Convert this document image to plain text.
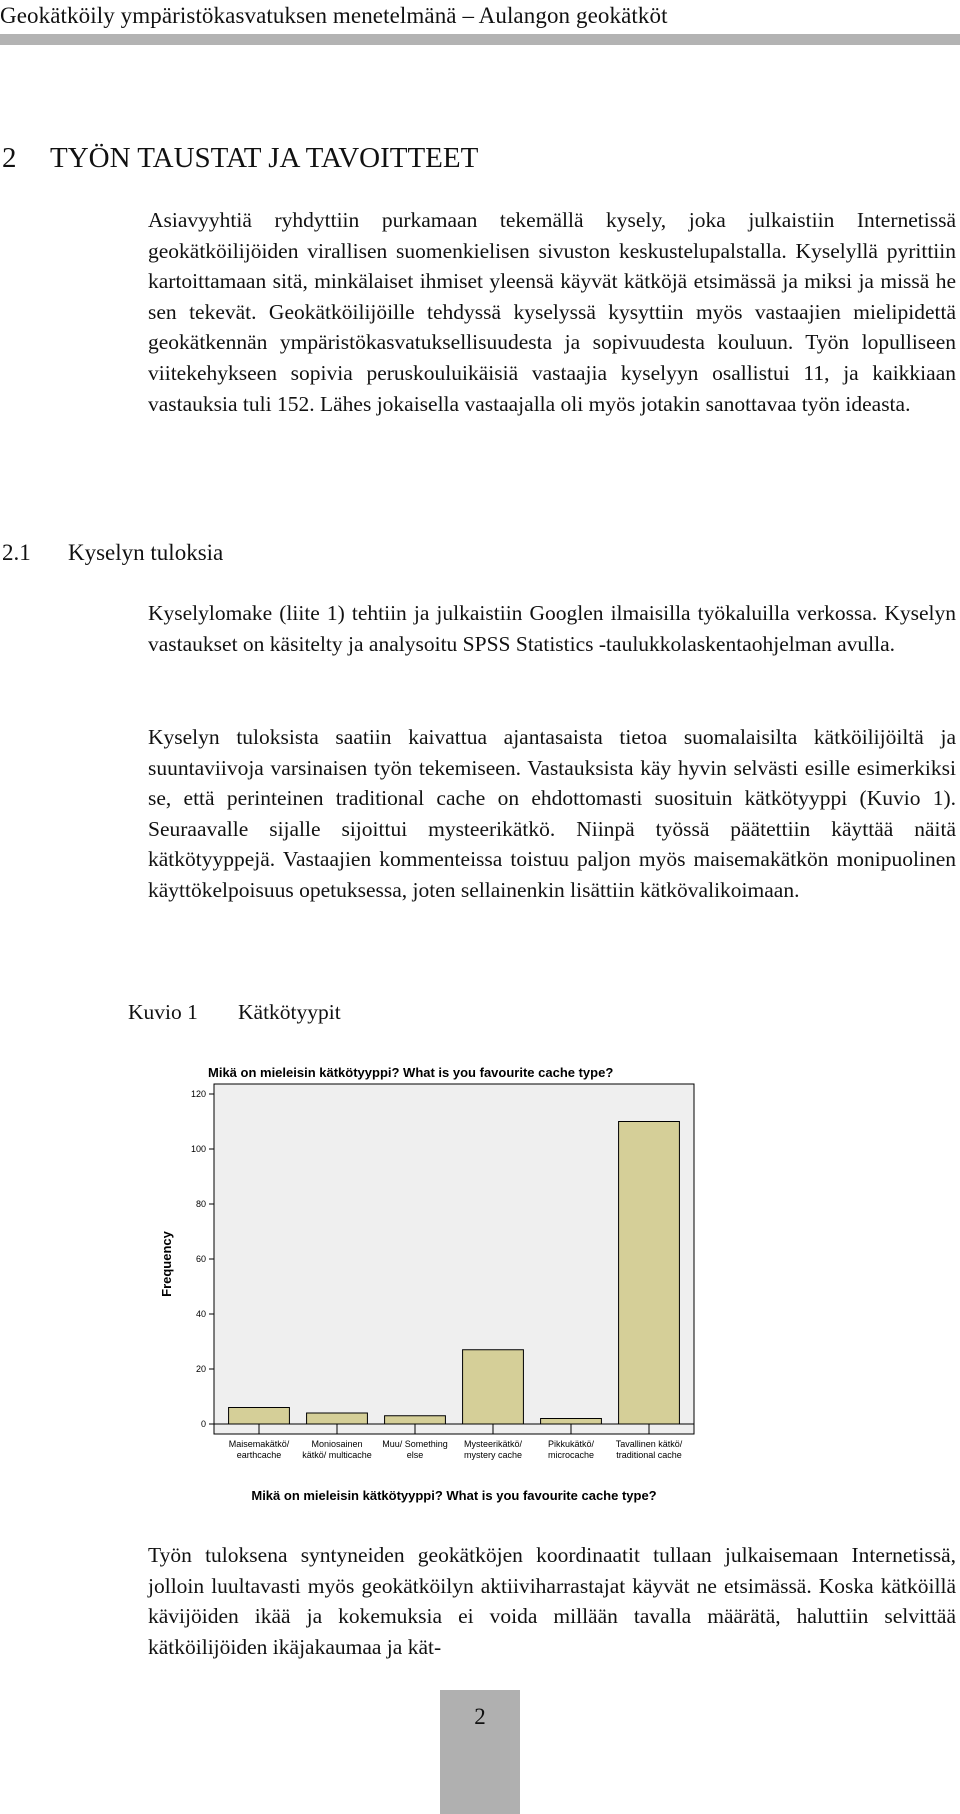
Geokätköily ympäristökasvatuksen menetelmänä – Aulangon geokätköt
2 TYÖN TAUSTAT JA TAVOITTEET

Asiavyyhtiä ryhdyttiin purkamaan tekemällä kysely, joka julkaistiin Internetissä geokätköilijöiden virallisen suomenkielisen sivuston keskustelupalstalla. Kyselyllä pyrittiin kartoittamaan sitä, minkälaiset ihmiset yleensä käyvät kätköjä etsimässä ja miksi ja missä he sen tekevät. Geokätköilijöille tehdyssä kyselyssä kysyttiin myös vastaajien mielipidettä geokätkennän ympäristökasvatuksellisuudesta ja sopivuudesta kouluun. Työn lopulliseen viitekehykseen sopivia peruskouluikäisiä vastaajia kyselyyn osallistui 11, ja kaikkiaan vastauksia tuli 152. Lähes jokaisella vastaajalla oli myös jotakin sanottavaa työn ideasta.

2.1 Kyselyn tuloksia

Kyselylomake (liite 1) tehtiin ja julkaistiin Googlen ilmaisilla työkaluilla verkossa. Kyselyn vastaukset on käsitelty ja analysoitu SPSS Statistics -taulukkolaskentaohjelman avulla.

Kyselyn tuloksista saatiin kaivattua ajantasaista tietoa suomalaisilta kätköilijöiltä ja suuntaviivoja varsinaisen työn tekemiseen. Vastauksista käy hyvin selvästi esille esimerkiksi se, että perinteinen traditional cache on ehdottomasti suosituin kätkötyyppi (Kuvio 1). Seuraavalle sijalle sijoittui mysteerikätkö. Niinpä työssä päätettiin käyttää näitä kätkötyyppejä. Vastaajien kommenteissa toistuu paljon myös maisemakätkön monipuolinen käyttökelpoisuus opetuksessa, joten sellainenkin lisättiin kätkövalikoimaan.

Kuvio 1 Kätkötyypit
Mikä on mieleisin kätkötyyppi? What is you favourite cache type?
0
20
40
60
80
100
120
Maisemakätkö/
earthcache
Moniosainen
kätkö/ multicache
Muu/ Something
else
Mysteerikätkö/
mystery cache
Pikkukätkö/
microcache
Tavallinen kätkö/
traditional cache
Frequency
Mikä on mieleisin kätkötyyppi? What is you favourite cache type?

Työn tuloksena syntyneiden geokätköjen koordinaatit tullaan julkaisemaan Internetissä, jolloin luultavasti myös geokätköilyn aktiiviharrastajat käyvät ne etsimässä. Koska kätköillä kävijöiden ikää ja kokemuksia ei voida millään tavalla määrätä, haluttiin selvittää kätköilijöiden ikäjakaumaa ja kät-

2
